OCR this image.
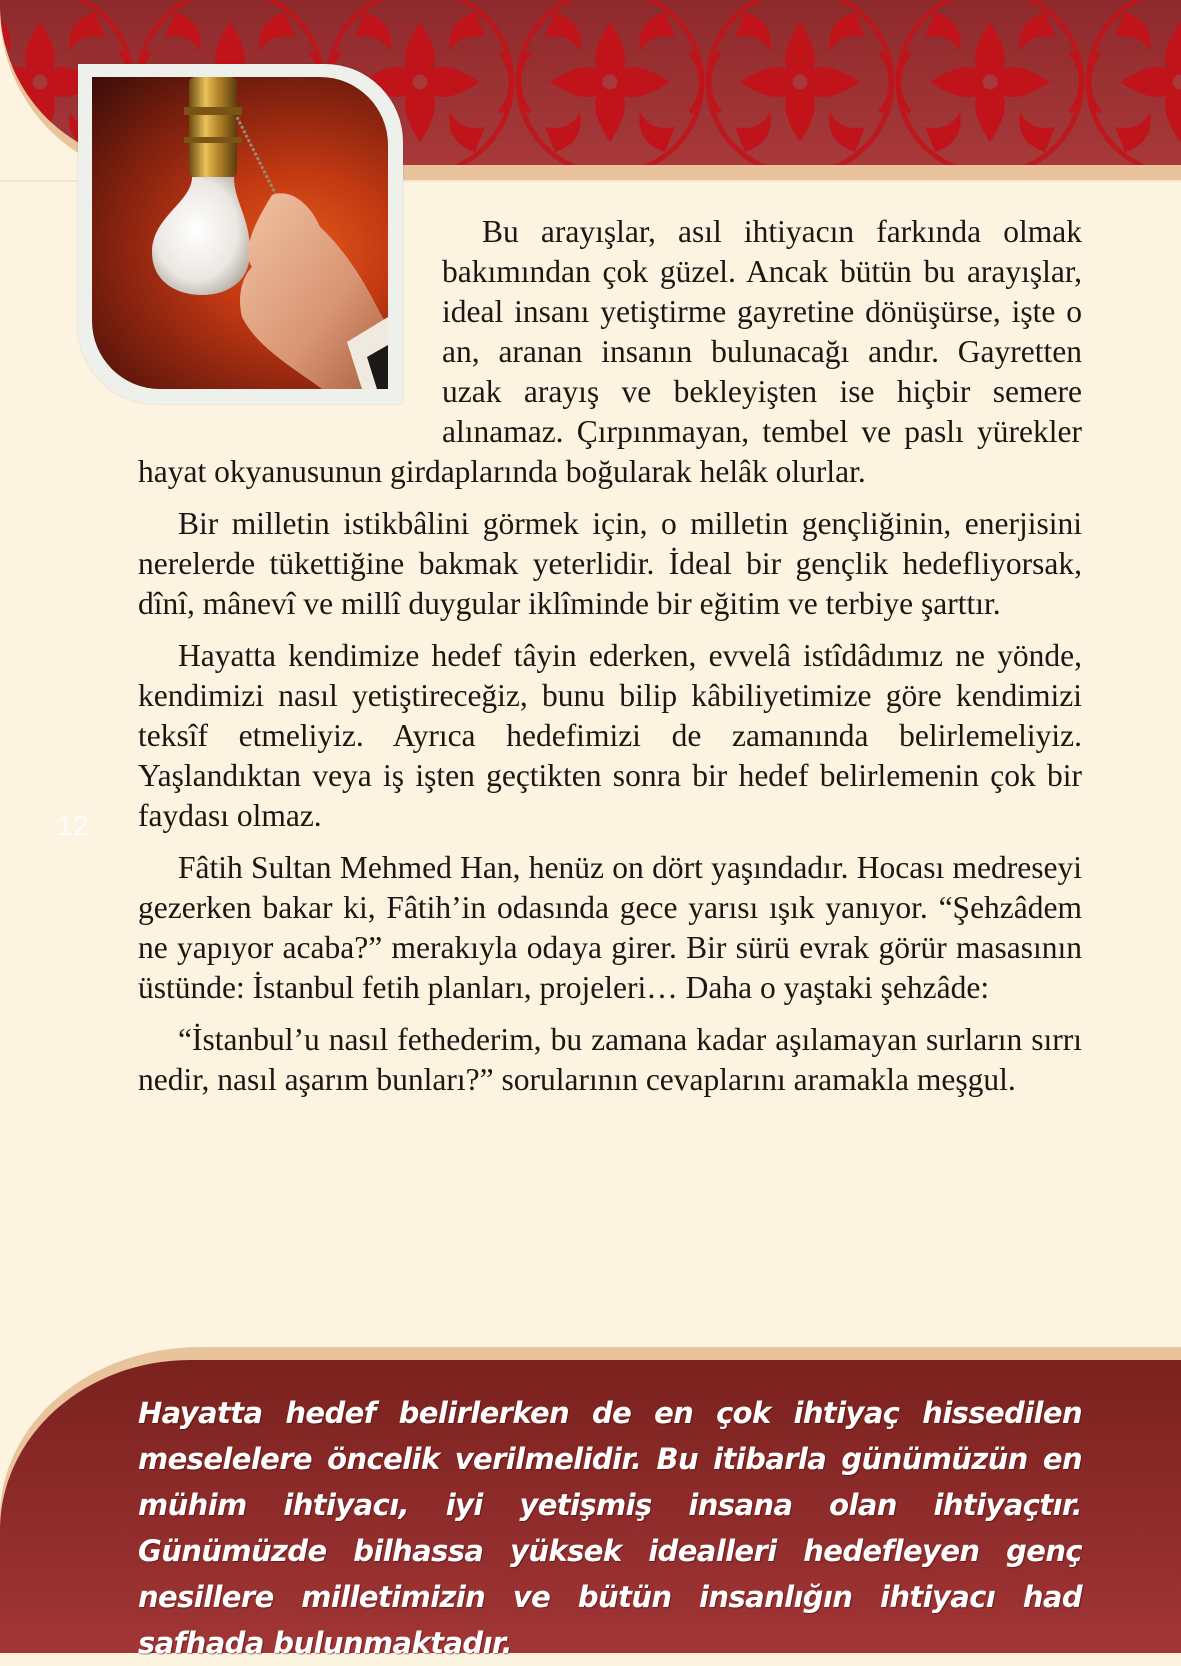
12

Bu arayışlar, asıl ihtiyacın farkında olmak bakımından çok güzel. Ancak bütün bu arayışlar, ideal insanı yetiştirme gayretine dönüşürse, işte o an, aranan insanın bulunacağı andır. Gayretten uzak arayış ve bekleyişten ise hiçbir semere alınamaz. Çırpınmayan, tembel ve paslı yürekler hayat okyanusunun girdaplarında boğularak helâk olurlar.

Bir milletin istikbâlini görmek için, o milletin gençliğinin, enerjisini nerelerde tükettiğine bakmak yeterlidir. İdeal bir gençlik hedefliyorsak, dînî, mânevî ve millî duygular iklîminde bir eğitim ve terbiye şarttır.

Hayatta kendimize hedef tâyin ederken, evvelâ istîdâdımız ne yönde, kendimizi nasıl yetiştireceğiz, bunu bilip kâbiliyetimize göre kendimizi teksîf etmeliyiz. Ayrıca hedefimizi de zamanında belirlemeliyiz. Yaşlandıktan veya iş işten geçtikten sonra bir hedef belirlemenin çok bir faydası olmaz.

Fâtih Sultan Mehmed Han, henüz on dört yaşındadır. Hocası medreseyi gezerken bakar ki, Fâtih’in odasında gece yarısı ışık yanıyor. “Şehzâdem ne yapıyor acaba?” merakıyla odaya girer. Bir sürü evrak görür masasının üstünde: İstanbul fetih planları, projeleri… Daha o yaştaki şehzâde:

“İstanbul’u nasıl fethederim, bu zamana kadar aşılamayan surların sırrı nedir, nasıl aşarım bunları?” sorularının cevaplarını aramakla meşgul.

Hayatta hedef belirlerken de en çok ihtiyaç hissedilen meselelere öncelik verilmelidir. Bu itibarla günümüzün en mühim ihtiyacı, iyi yetişmiş insana olan ihtiyaçtır. Günümüzde bilhassa yüksek idealleri hedefleyen genç nesillere milletimizin ve bütün insanlığın ihtiyacı had safhada bulunmaktadır.
